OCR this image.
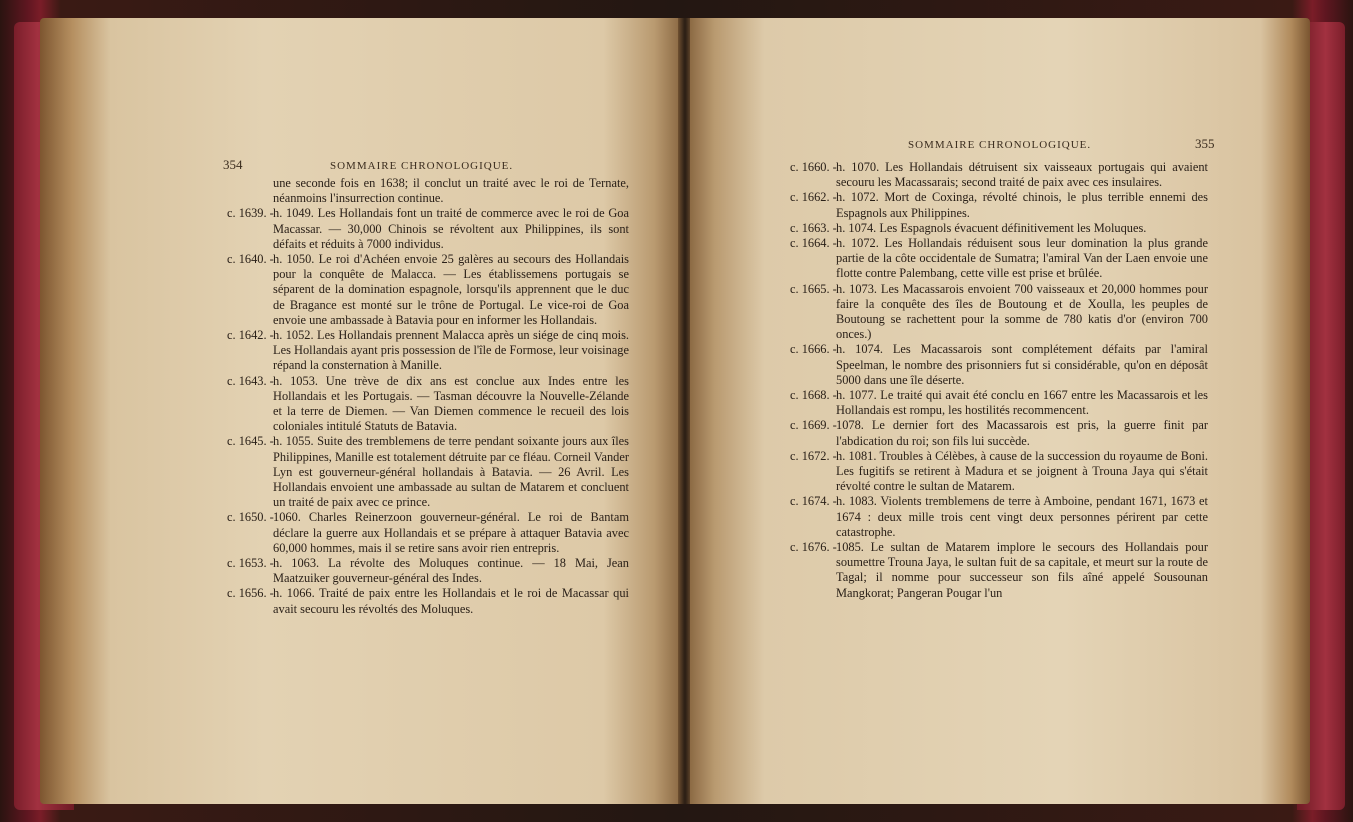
354	SOMMAIRE CHRONOLOGIQUE.

une seconde fois en 1638; il conclut un traité avec le roi de Ternate, néanmoins l'insurrection continue.

c. 1639. - h. 1049. Les Hollandais font un traité de commerce avec le roi de Goa Macassar. — 30,000 Chinois se révoltent aux Philippines, ils sont défaits et réduits à 7000 individus.
c. 1640. - h. 1050. Le roi d'Achéen envoie 25 galères au secours des Hollandais pour la conquête de Malacca. — Les établissemens portugais se séparent de la domination espagnole, lorsqu'ils apprennent que le duc de Bragance est monté sur le trône de Portugal. Le vice-roi de Goa envoie une ambassade à Batavia pour en informer les Hollandais.
c. 1642. - h. 1052. Les Hollandais prennent Malacca après un siége de cinq mois. Les Hollandais ayant pris possession de l'île de Formose, leur voisinage répand la consternation à Manille.
c. 1643. - h. 1053. Une trève de dix ans est conclue aux Indes entre les Hollandais et les Portugais. — Tasman découvre la Nouvelle-Zélande et la terre de Diemen. — Van Diemen commence le recueil des lois coloniales intitulé Statuts de Batavia.
c. 1645. - h. 1055. Suite des tremblemens de terre pendant soixante jours aux îles Philippines, Manille est totalement détruite par ce fléau. Corneil Vander Lyn est gouverneur-général hollandais à Batavia. — 26 Avril. Les Hollandais envoient une ambassade au sultan de Matarem et concluent un traité de paix avec ce prince.
c. 1650. - 1060. Charles Reinerzoon gouverneur-général. Le roi de Bantam déclare la guerre aux Hollandais et se prépare à attaquer Batavia avec 60,000 hommes, mais il se retire sans avoir rien entrepris.
c. 1653. - h. 1063. La révolte des Moluques continue. — 18 Mai, Jean Maatzuiker gouverneur-général des Indes.
c. 1656. - h. 1066. Traité de paix entre les Hollandais et le roi de Macassar qui avait secouru les révoltés des Moluques.
SOMMAIRE CHRONOLOGIQUE.	355
c. 1660. - h. 1070. Les Hollandais détruisent six vaisseaux portugais qui avaient secouru les Macassarais; second traité de paix avec ces insulaires.
c. 1662. - h. 1072. Mort de Coxinga, révolté chinois, le plus terrible ennemi des Espagnols aux Philippines.
c. 1663. - h. 1074. Les Espagnols évacuent définitivement les Moluques.
c. 1664. - h. 1072. Les Hollandais réduisent sous leur domination la plus grande partie de la côte occidentale de Sumatra; l'amiral Van der Laen envoie une flotte contre Palembang, cette ville est prise et brûlée.
c. 1665. - h. 1073. Les Macassarois envoient 700 vaisseaux et 20,000 hommes pour faire la conquête des îles de Boutoung et de Xoulla, les peuples de Boutoung se rachettent pour la somme de 780 katis d'or (environ 700 onces.)
c. 1666. - h. 1074. Les Macassarois sont complétement défaits par l'amiral Speelman, le nombre des prisonniers fut si considérable, qu'on en déposât 5000 dans une île déserte.
c. 1668. - h. 1077. Le traité qui avait été conclu en 1667 entre les Macassarois et les Hollandais est rompu, les hostilités recommencent.
c. 1669. - 1078. Le dernier fort des Macassarois est pris, la guerre finit par l'abdication du roi; son fils lui succède.
c. 1672. - h. 1081. Troubles à Célèbes, à cause de la succession du royaume de Boni. Les fugitifs se retirent à Madura et se joignent à Trouna Jaya qui s'était révolté contre le sultan de Matarem.
c. 1674. - h. 1083. Violents tremblemens de terre à Amboine, pendant 1671, 1673 et 1674 : deux mille trois cent vingt deux personnes périrent par cette catastrophe.
c. 1676. - 1085. Le sultan de Matarem implore le secours des Hollandais pour soumettre Trouna Jaya, le sultan fuit de sa capitale, et meurt sur la route de Tagal; il nomme pour successeur son fils aîné appelé Sousounan Mangkorat; Pangeran Pougar l'un
